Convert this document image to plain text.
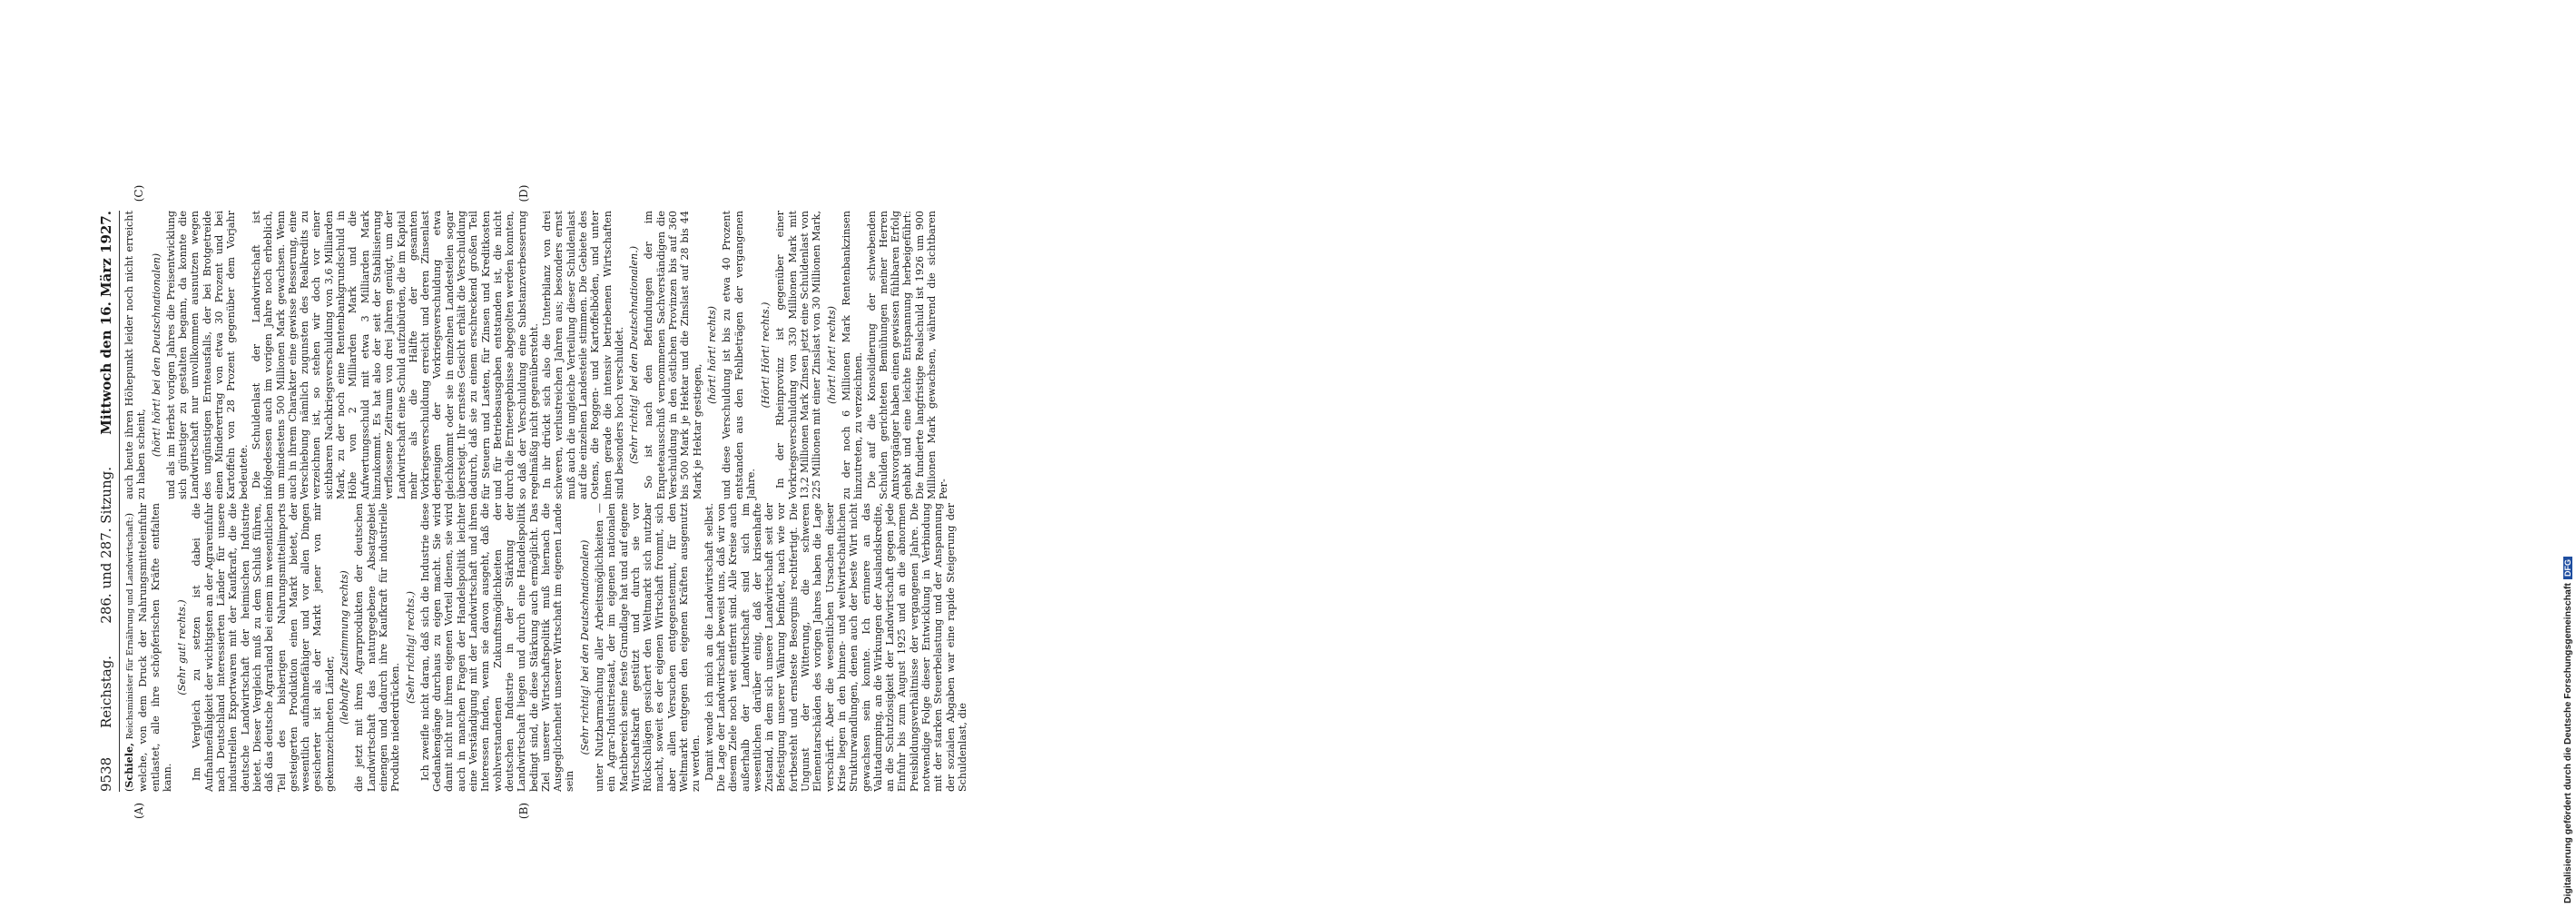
9538
Reichstag.
286. und 287. Sitzung.
Mittwoch den 16. März 1927.
(A)	(B)
(C)	(D)

(Schiele, Reichsminister für Ernährung und Landwirtschaft:) welche, von dem Druck der Nahrungsmitteleinfuhr entlastet, alle ihre schöpferischen Kräfte entfalten kann.

(Sehr gut! rechts.) Im Vergleich zu setzen ist dabei die Aufnahmefähigkeit der wichtigsten an der Agrareinfuhr nach Deutschland interessierten Länder für unsere industriellen Exportwaren mit der Kaufkraft, die die deutsche Landwirtschaft der heimischen Industrie bietet. Dieser Vergleich muß zu dem Schluß führen, daß das deutsche Agrarland bei einem im wesentlichen Teil des bisherigen Nahrungsmittelimports gesteigerten Produktion einen Markt bietet, der wesentlich aufnahmefähiger und vor allen Dingen gesicherter ist als der Markt jener von mir gekennzeichneten Länder, (lebhafte Zustimmung rechts) die jetzt mit ihren Agrarprodukten der deutschen Landwirtschaft das naturgegebene Absatzgebiet einengen und dadurch ihre Kaufkraft für industrielle Produkte niederdrücken.

(Sehr richtig! rechts.) Ich zweifle nicht daran, daß sich die Industrie diese Gedankengänge durchaus zu eigen macht. Sie wird damit nicht nur ihrem eigenen Vorteil dienen, sie wird auch in manchen Fragen der Handelspolitik leichter eine Verständigung mit der Landwirtschaft und ihren Interessen finden, wenn sie davon ausgeht, daß die wohlverstandenen Zukunftsmöglichkeiten der deutschen Industrie in der Stärkung der Landwirtschaft liegen und durch eine Handelspolitik bedingt sind, die diese Stärkung auch ermöglicht. Das Ziel unserer Wirtschaftspolitik muß hiernach die Ausgeglichenheit unserer Wirtschaft im eigenen Lande sein

(Sehr richtig! bei den Deutschnationalen) unter Nutzbarmachung aller Arbeitsmöglichkeiten — ein Agrar-Industriestaat, der im eigenen nationalen Machtbereich seine feste Grundlage hat und auf eigene Wirtschaftskraft gestützt und durch sie vor Rückschlägen gesichert den Weltmarkt sich nutzbar macht, soweit es der eigenen Wirtschaft frommt, sich aber allen Versuchen entgegenstemmt, für den Weltmarkt entgegen den eigenen Kräften ausgenutzt zu werden. Damit wende ich mich an die Landwirtschaft selbst. Die Lage der Landwirtschaft beweist uns, daß wir von diesem Ziele noch weit entfernt sind. Alle Kreise auch außerhalb der Landwirtschaft sind sich im wesentlichen darüber einig, daß der krisenhafte Zustand, in dem sich unsere Landwirtschaft seit der Befestigung unserer Währung befindet, nach wie vor fortbesteht und ernsteste Besorgnis rechtfertigt. Die Ungunst der Witterung, die schweren Elementarschäden des vorigen Jahres haben die Lage verschärft. Aber die wesentlichen Ursachen dieser Krise liegen in den binnen- und weltwirtschaftlichen Strukturwandlungen, denen auch der beste Wirt nicht gewachsen sein konnte. Ich erinnere an das Valutadumping, an die Wirkungen der Auslandskredite, an die Schutzlosigkeit der Landwirtschaft gegen jede Einfuhr bis zum August 1925 und an die abnormen Preisbildungsverhältnisse der vergangenen Jahre. Die notwendige Folge dieser Entwicklung in Verbindung mit der starken Steuerbelastung und der Anspannung der sozialen Abgaben war eine rapide Steigerung der Schuldenlast, die

auch heute ihren Höhepunkt leider noch nicht erreicht zu haben scheint, (hört! hört! bei den Deutschnationalen) und als im Herbst vorigen Jahres die Preisentwicklung sich günstiger zu gestalten begann, da konnte die Landwirtschaft nur unvollkommen ausnutzen wegen des ungünstigen Ernteausfalls, der bei Brotgetreide einen Minderertrag von etwa 30 Prozent und bei Kartoffeln von 28 Prozent gegenüber dem Vorjahr bedeutete. Die Schuldenlast der Landwirtschaft ist infolgedessen auch im vorigen Jahre noch erheblich, um mindestens 500 Millionen Mark gewachsen. Wenn auch in ihrem Charakter eine gewisse Besserung, eine Verschiebung nämlich zugunsten des Realkredits zu verzeichnen ist, so stehen wir doch vor einer sichtbaren Nachkriegsverschuldung von 3,6 Milliarden Mark, zu der noch eine Rentenbankgrundschuld in Höhe von 2 Milliarden Mark und die Aufwertungsschuld mit etwa 3 Milliarden Mark hinzukommt. Es hat also der seit der Stabilisierung verflossene Zeitraum von drei Jahren genügt, um der Landwirtschaft eine Schuld aufzubürden, die im Kapital mehr als die Hälfte der gesamten Vorkriegsverschuldung erreicht und deren Zinsenlast derjenigen der Vorkriegsverschuldung etwa gleichkommt oder sie in einzelnen Landesteilen sogar übersteigt. Ihr ernstes Gesicht erhält die Verschuldung dadurch, daß sie zu einem erschreckend großen Teil für Steuern und Lasten, für Zinsen und Kreditkosten und für Betriebsausgaben entstanden ist, die nicht durch die Ernteergebnisse abgegolten werden konnten, so daß der Verschuldung eine Substanzverbesserung regelmäßig nicht gegenübersteht. In ihr drückt sich also die Unterbilanz von drei schweren, verlustreichen Jahren aus; besonders ernst muß auch die ungleiche Verteilung dieser Schuldenlast auf die einzelnen Landesteile stimmen. Die Gebiete des Ostens, die Roggen- und Kartoffelböden, und unter ihnen gerade die intensiv betriebenen Wirtschaften sind besonders hoch verschuldet. (Sehr richtig! bei den Deutschnationalen.) So ist nach den Befundungen der im Enqueteausschuß vernommenen Sachverständigen die Verschuldung in den östlichen Provinzen bis auf 360 bis 500 Mark je Hektar und die Zinslast auf 28 bis 44 Mark je Hektar gestiegen,

(hört! hört! rechts) und diese Verschuldung ist bis zu etwa 40 Prozent entstanden aus den Fehlbeträgen der vergangenen Jahre.

(Hört! Hört! rechts.) In der Rheinprovinz ist gegenüber einer Vorkriegsverschuldung von 330 Millionen Mark mit 13,2 Millionen Mark Zinsen jetzt eine Schuldenlast von 225 Millionen mit einer Zinslast von 30 Millionen Mark, (hört! hört! rechts) zu der noch 6 Millionen Mark Rentenbankzinsen hinzutreten, zu verzeichnen. Die auf die Konsolidierung der schwebenden Schulden gerichteten Bemühungen meiner Herren Amtsvorgänger haben einen gewissen fühlbaren Erfolg gehabt und eine leichte Entspannung herbeigeführt: Die fundierte langfristige Realschuld ist 1926 um 900 Millionen Mark gewachsen, während die sichtbaren Per-

Digitalisierung gefördert durch die Deutsche Forschungsgemeinschaft
DFG
